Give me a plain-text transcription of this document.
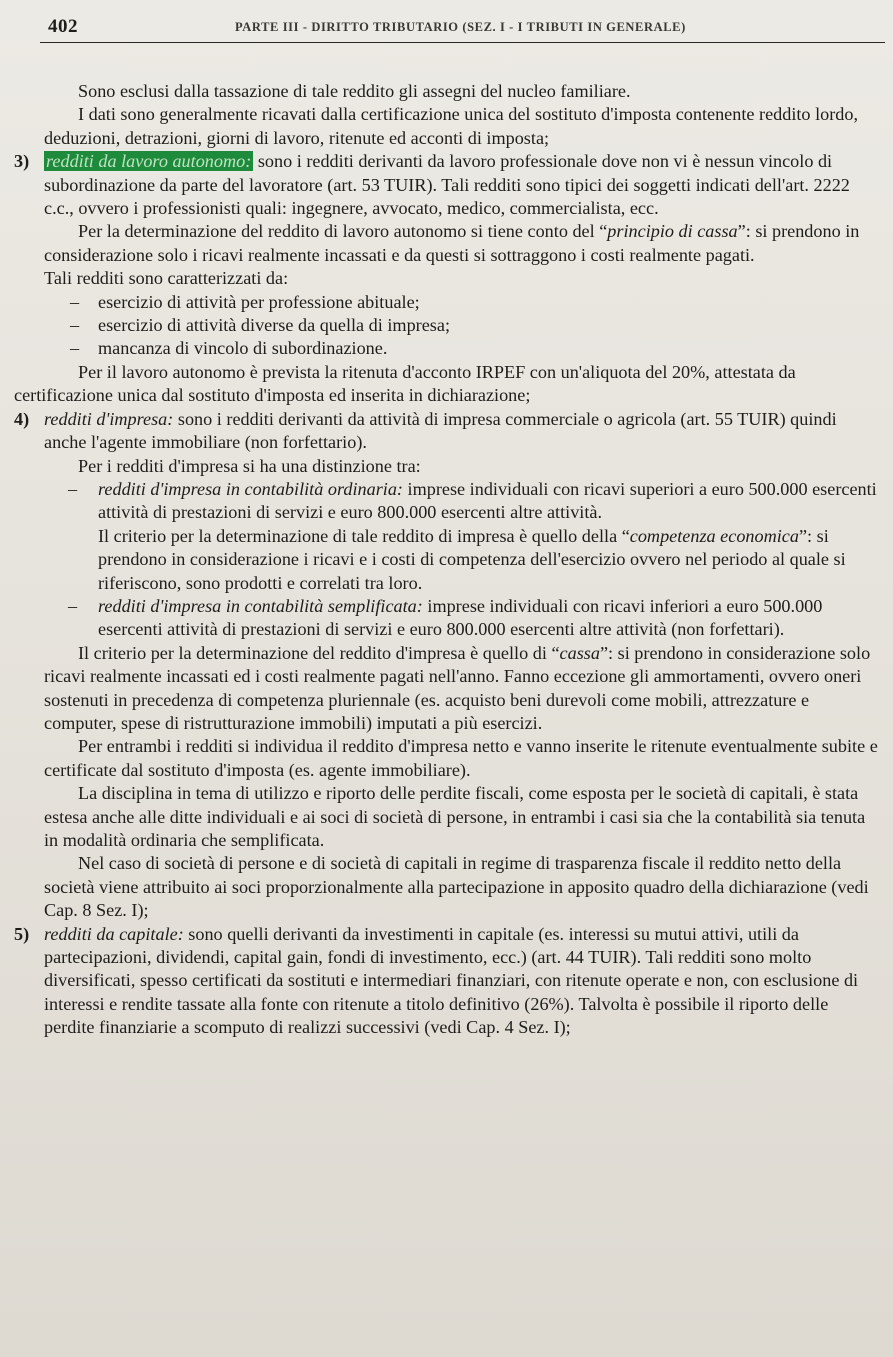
402	PARTE III - DIRITTO TRIBUTARIO (SEZ. I - I TRIBUTI IN GENERALE)

Sono esclusi dalla tassazione di tale reddito gli assegni del nucleo familiare.

I dati sono generalmente ricavati dalla certificazione unica del sostituto d'imposta contenente reddito lordo, deduzioni, detrazioni, giorni di lavoro, ritenute ed acconti di imposta;

3) redditi da lavoro autonomo: sono i redditi derivanti da lavoro professionale dove non vi è nessun vincolo di subordinazione da parte del lavoratore (art. 53 TUIR). Tali redditi sono tipici dei soggetti indicati dell'art. 2222 c.c., ovvero i professionisti quali: ingegnere, avvocato, medico, commercialista, ecc.

Per la determinazione del reddito di lavoro autonomo si tiene conto del “principio di cassa”: si prendono in considerazione solo i ricavi realmente incassati e da questi si sottraggono i costi realmente pagati.

Tali redditi sono caratterizzati da:

– esercizio di attività per professione abituale;

– esercizio di attività diverse da quella di impresa;

– mancanza di vincolo di subordinazione.

Per il lavoro autonomo è prevista la ritenuta d'acconto IRPEF con un'aliquota del 20%, attestata da certificazione unica dal sostituto d'imposta ed inserita in dichiarazione;

4) redditi d'impresa: sono i redditi derivanti da attività di impresa commerciale o agricola (art. 55 TUIR) quindi anche l'agente immobiliare (non forfettario).

Per i redditi d'impresa si ha una distinzione tra:

– redditi d'impresa in contabilità ordinaria: imprese individuali con ricavi superiori a euro 500.000 esercenti attività di prestazioni di servizi e euro 800.000 esercenti altre attività.

Il criterio per la determinazione di tale reddito di impresa è quello della “competenza economica”: si prendono in considerazione i ricavi e i costi di competenza dell'esercizio ovvero nel periodo al quale si riferiscono, sono prodotti e correlati tra loro.

– redditi d'impresa in contabilità semplificata: imprese individuali con ricavi inferiori a euro 500.000 esercenti attività di prestazioni di servizi e euro 800.000 esercenti altre attività (non forfettari).

Il criterio per la determinazione del reddito d'impresa è quello di “cassa”: si prendono in considerazione solo ricavi realmente incassati ed i costi realmente pagati nell'anno. Fanno eccezione gli ammortamenti, ovvero oneri sostenuti in precedenza di competenza pluriennale (es. acquisto beni durevoli come mobili, attrezzature e computer, spese di ristrutturazione immobili) imputati a più esercizi.

Per entrambi i redditi si individua il reddito d'impresa netto e vanno inserite le ritenute eventualmente subite e certificate dal sostituto d'imposta (es. agente immobiliare).

La disciplina in tema di utilizzo e riporto delle perdite fiscali, come esposta per le società di capitali, è stata estesa anche alle ditte individuali e ai soci di società di persone, in entrambi i casi sia che la contabilità sia tenuta in modalità ordinaria che semplificata.

Nel caso di società di persone e di società di capitali in regime di trasparenza fiscale il reddito netto della società viene attribuito ai soci proporzionalmente alla partecipazione in apposito quadro della dichiarazione (vedi Cap. 8 Sez. I);

5) redditi da capitale: sono quelli derivanti da investimenti in capitale (es. interessi su mutui attivi, utili da partecipazioni, dividendi, capital gain, fondi di investimento, ecc.) (art. 44 TUIR). Tali redditi sono molto diversificati, spesso certificati da sostituti e intermediari finanziari, con ritenute operate e non, con esclusione di interessi e rendite tassate alla fonte con ritenute a titolo definitivo (26%). Talvolta è possibile il riporto delle perdite finanziarie a scomputo di realizzi successivi (vedi Cap. 4 Sez. I);
